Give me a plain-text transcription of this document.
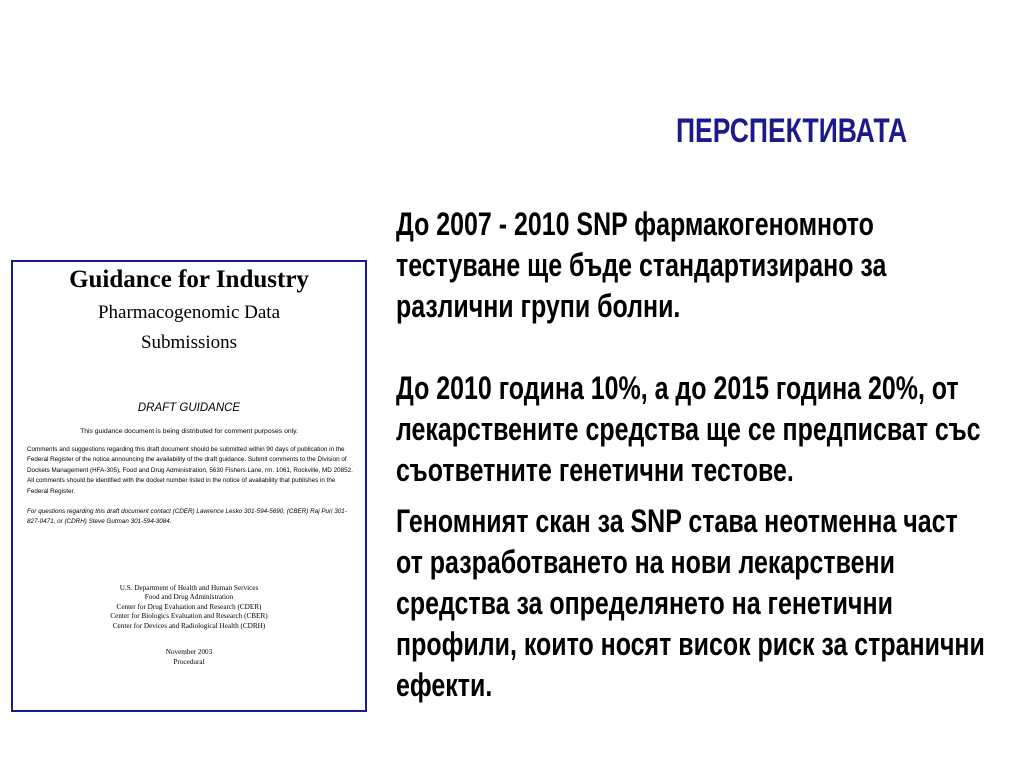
ПЕРСПЕКТИВАТА

До 2007 - 2010 SNP фармакогеномното тестуване ще бъде стандартизирано за различни групи болни.

До 2010 година 10%, а до 2015 година 20%, от лекарствените средства ще се предписват със съответните генетични тестове.

Геномният скан за SNP става неотменна част от разработването на нови лекарствени средства за определянето на генетични профили, които носят висок риск за странични ефекти.

Guidance for Industry
Pharmacogenomic Data
Submissions
DRAFT GUIDANCE
This guidance document is being distributed for comment purposes only.

Comments and suggestions regarding this draft document should be submitted within 90 days of publication in the Federal Register of the notice announcing the availability of the draft guidance. Submit comments to the Division of Dockets Management (HFA-305), Food and Drug Administration, 5630 Fishers Lane, rm. 1061, Rockville, MD 20852. All comments should be identified with the docket number listed in the notice of availability that publishes in the Federal Register.

For questions regarding this draft document contact (CDER) Lawrence Lesko 301-594-5690, (CBER) Raj Puri 301-827-0471, or (CDRH) Steve Gutman 301-594-3084.

U.S. Department of Health and Human Services
Food and Drug Administration
Center for Drug Evaluation and Research (CDER)
Center for Biologics Evaluation and Research (CBER)
Center for Devices and Radiological Health (CDRH)
November 2003
Procedural
